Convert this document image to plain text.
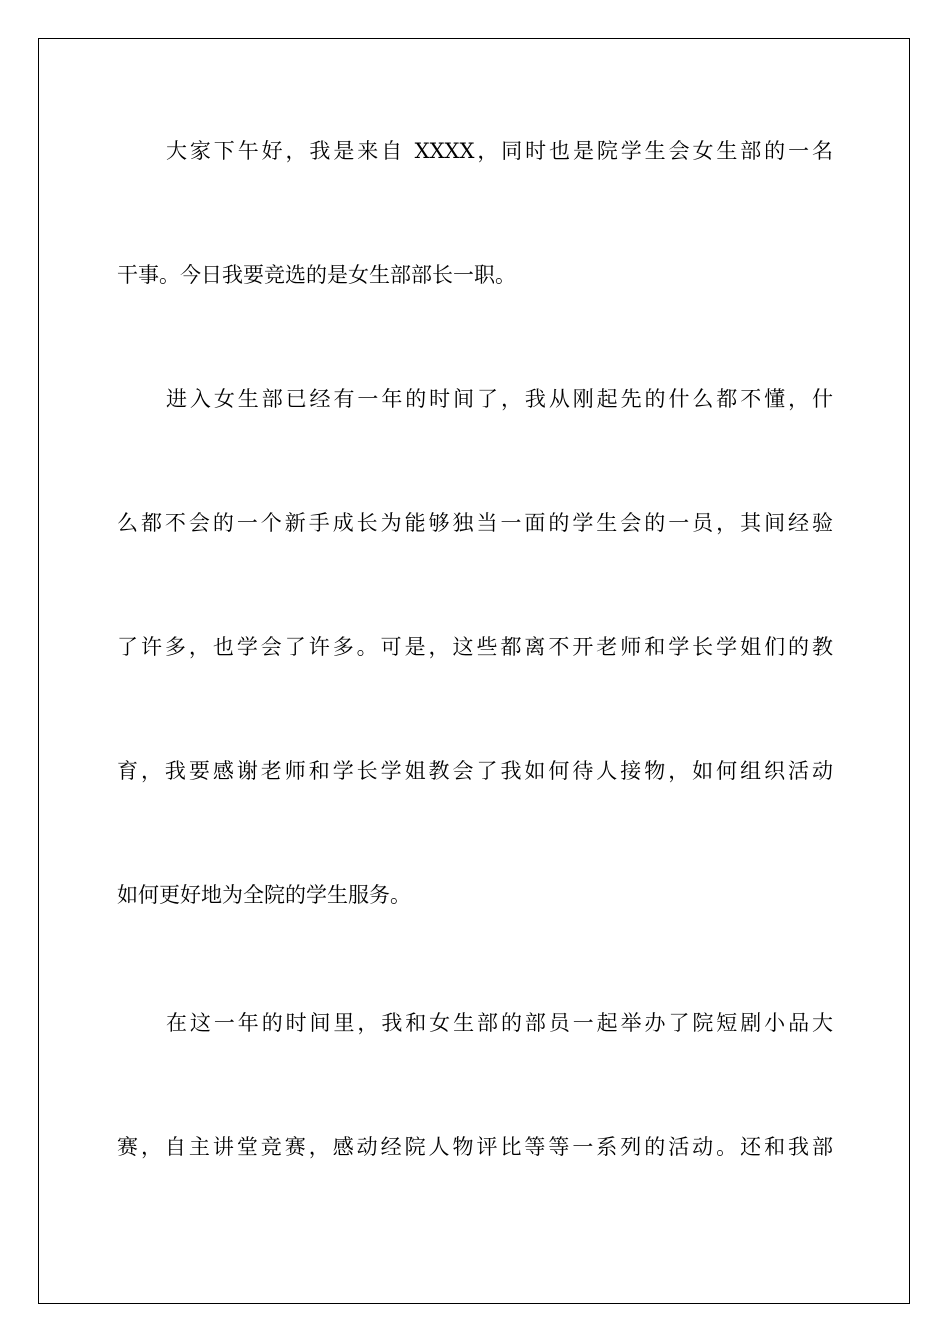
大家下午好，我是来自 XXXX，同时也是院学生会女生部的一名
干事。今日我要竞选的是女生部部长一职。
进入女生部已经有一年的时间了，我从刚起先的什么都不懂，什
么都不会的一个新手成长为能够独当一面的学生会的一员，其间经验
了许多，也学会了许多。可是，这些都离不开老师和学长学姐们的教
育，我要感谢老师和学长学姐教会了我如何待人接物，如何组织活动
如何更好地为全院的学生服务。
在这一年的时间里，我和女生部的部员一起举办了院短剧小品大
赛，自主讲堂竞赛，感动经院人物评比等等一系列的活动。还和我部
